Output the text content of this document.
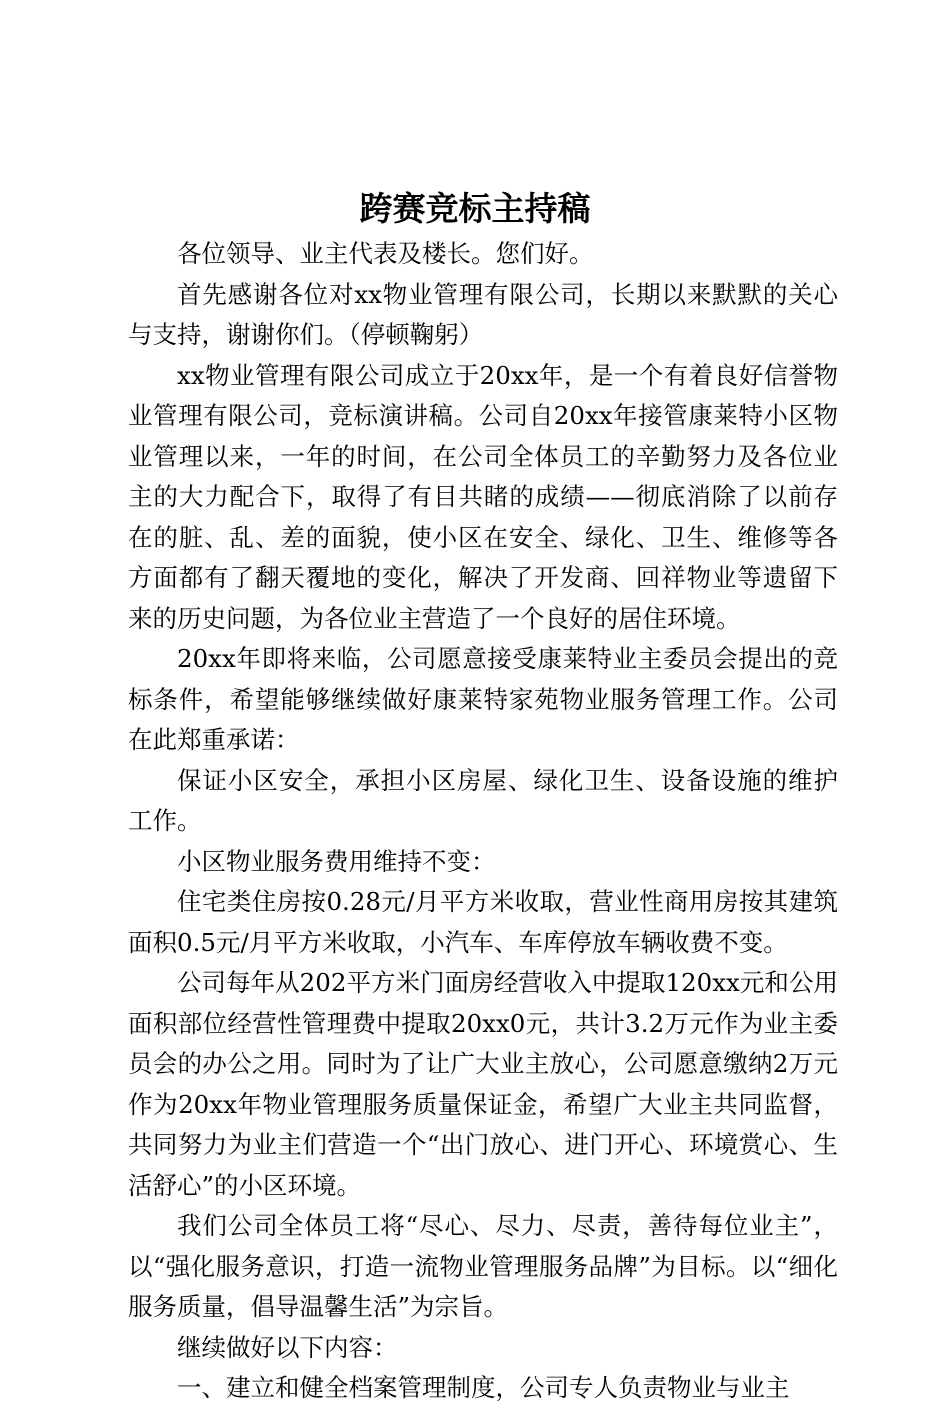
跨赛竞标主持稿

各位领导、业主代表及楼长。您们好。

首先感谢各位对xx物业管理有限公司，长期以来默默的关心与支持，谢谢你们。（停顿鞠躬）

xx物业管理有限公司成立于20xx年，是一个有着良好信誉物业管理有限公司，竞标演讲稿。公司自20xx年接管康莱特小区物业管理以来，一年的时间，在公司全体员工的辛勤努力及各位业主的大力配合下，取得了有目共睹的成绩——彻底消除了以前存在的脏、乱、差的面貌，使小区在安全、绿化、卫生、维修等各方面都有了翻天覆地的变化，解决了开发商、回祥物业等遗留下来的历史问题，为各位业主营造了一个良好的居住环境。

20xx年即将来临，公司愿意接受康莱特业主委员会提出的竞标条件，希望能够继续做好康莱特家苑物业服务管理工作。公司在此郑重承诺：

保证小区安全，承担小区房屋、绿化卫生、设备设施的维护工作。

小区物业服务费用维持不变：

住宅类住房按0.28元/月平方米收取，营业性商用房按其建筑面积0.5元/月平方米收取，小汽车、车库停放车辆收费不变。

公司每年从202平方米门面房经营收入中提取120xx元和公用面积部位经营性管理费中提取20xx0元，共计3.2万元作为业主委员会的办公之用。同时为了让广大业主放心，公司愿意缴纳2万元作为20xx年物业管理服务质量保证金，希望广大业主共同监督，共同努力为业主们营造一个“出门放心、进门开心、环境赏心、生活舒心”的小区环境。

我们公司全体员工将“尽心、尽力、尽责，善待每位业主”，以“强化服务意识，打造一流物业管理服务品牌”为目标。以“细化服务质量，倡导温馨生活”为宗旨。

继续做好以下内容：

一、建立和健全档案管理制度，公司专人负责物业与业主
